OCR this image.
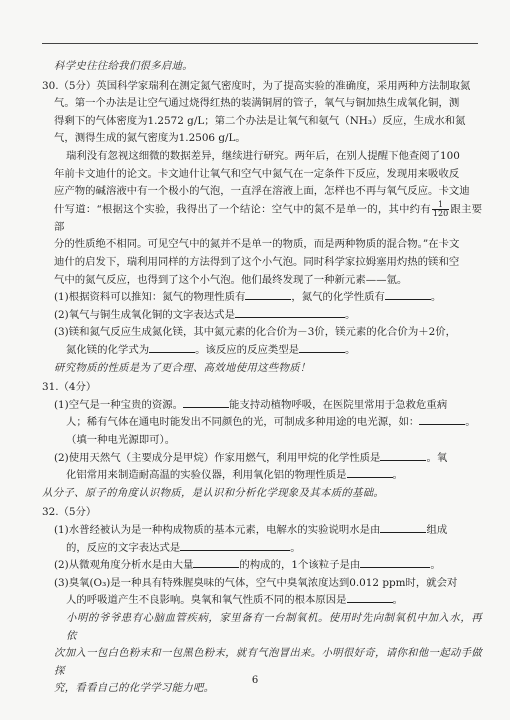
科学史往往给我们很多启迪。

30.（5分）英国科学家瑞利在测定氮气密度时，为了提高实验的准确度，采用两种方法制取氮

气。第一个办法是让空气通过烧得红热的装满铜屑的管子，氧气与铜加热生成氧化铜，测

得剩下的气体密度为1.2572 g/L；第二个办法是让氧气和氨气（NH₃）反应，生成水和氮

气，测得生成的氮气密度为1.2506 g/L。

瑞利没有忽视这细微的数据差异，继续进行研究。两年后，在别人提醒下他查阅了100

年前卡文迪什的论文。卡文迪什让氧气和空气中氮气在一定条件下反应，发现用来吸收反

应产物的碱溶液中有一个极小的气泡，一直浮在溶液上面，怎样也不再与氧气反应。卡文迪

什写道：“根据这个实验，我得出了一个结论：空气中的氮不是单一的，其中约有 $\frac{1}{120}$ 跟主要部

分的性质绝不相同。可见空气中的氮并不是单一的物质，而是两种物质的混合物。”在卡文

迪什的启发下，瑞利用同样的方法得到了这个小气泡。同时科学家拉姆塞用灼热的镁和空

气中的氮气反应，也得到了这个小气泡。他们最终发现了一种新元素——氩。

(1)根据资料可以推知：氮气的物理性质有	，氮气的化学性质有	。

(2)氧气与铜生成氧化铜的文字表达式是	。

(3)镁和氮气反应生成氮化镁，其中氮元素的化合价为－3价，镁元素的化合价为＋2价，

氮化镁的化学式为	。该反应的反应类型是	。

研究物质的性质是为了更合理、高效地使用这些物质！

31.（4分）

(1)空气是一种宝贵的资源。	能支持动植物呼吸，在医院里常用于急救危重病

人；稀有气体在通电时能发出不同颜色的光，可制成多种用途的电光源，如：	。

（填一种电光源即可）。

(2)使用天然气（主要成分是甲烷）作家用燃气，利用甲烷的化学性质是	。氧

化铝常用来制造耐高温的实验仪器，利用氧化铝的物理性质是	。

从分子、原子的角度认识物质，是认识和分析化学现象及其本质的基础。

32.（5分）

(1)水普经被认为是一种构成物质的基本元素，电解水的实验说明水是由	组成

的，反应的文字表达式是	。

(2)从微观角度分析水是由大量	的构成的，1个该粒子是由	。

(3)臭氧(O₃)是一种具有特殊腥臭味的气体，空气中臭氧浓度达到0.012 ppm时，就会对

人的呼吸道产生不良影响。臭氧和氧气性质不同的根本原因是	。

小明的爷爷患有心脑血管疾病，家里备有一台制氧机。使用时先向制氧机中加入水，再依

次加入一包白色粉末和一包黑色粉末，就有气泡冒出来。小明很好奇，请你和他一起动手做探

究，看看自己的化学学习能力吧。

6
